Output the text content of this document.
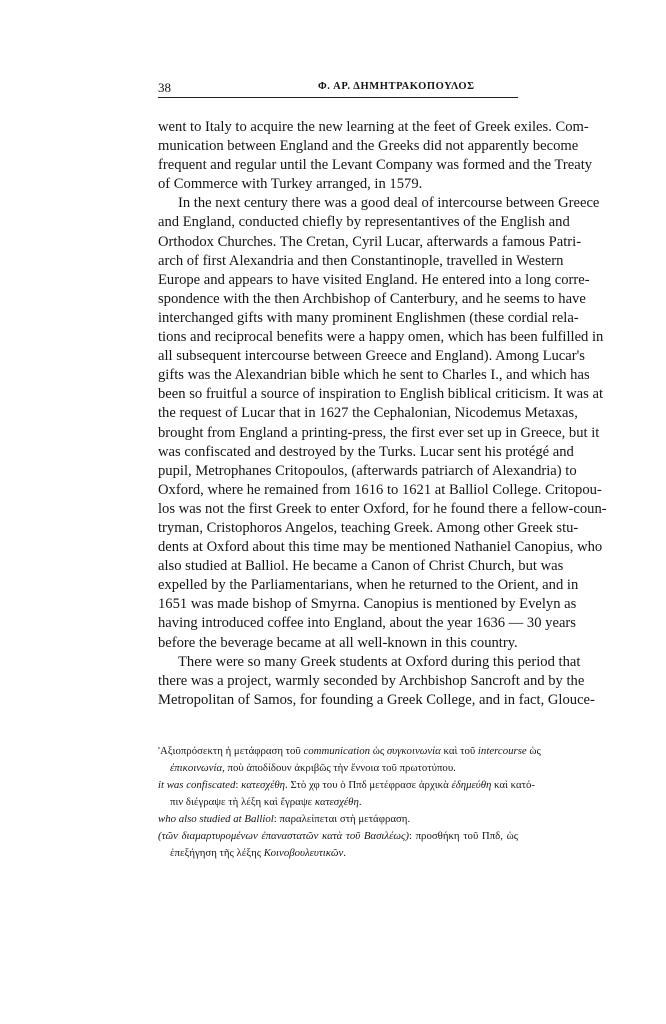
38	Φ. ΑΡ. ΔΗΜΗΤΡΑΚΟΠΟΥΛΟΣ

went to Italy to acquire the new learning at the feet of Greek exiles. Com-
munication between England and the Greeks did not apparently become
frequent and regular until the Levant Company was formed and the Treaty
of Commerce with Turkey arranged, in 1579.

In the next century there was a good deal of intercourse between Greece
and England, conducted chiefly by representantives of the English and
Orthodox Churches. The Cretan, Cyril Lucar, afterwards a famous Patri-
arch of first Alexandria and then Constantinople, travelled in Western
Europe and appears to have visited England. He entered into a long corre-
spondence with the then Archbishop of Canterbury, and he seems to have
interchanged gifts with many prominent Englishmen (these cordial rela-
tions and reciprocal benefits were a happy omen, which has been fulfilled in
all subsequent intercourse between Greece and England). Among Lucar's
gifts was the Alexandrian bible which he sent to Charles I., and which has
been so fruitful a source of inspiration to English biblical criticism. It was at
the request of Lucar that in 1627 the Cephalonian, Nicodemus Metaxas,
brought from England a printing-press, the first ever set up in Greece, but it
was confiscated and destroyed by the Turks. Lucar sent his protégé and
pupil, Metrophanes Critopoulos, (afterwards patriarch of Alexandria) to
Oxford, where he remained from 1616 to 1621 at Balliol College. Critopou-
los was not the first Greek to enter Oxford, for he found there a fellow-coun-
tryman, Cristophoros Angelos, teaching Greek. Among other Greek stu-
dents at Oxford about this time may be mentioned Nathaniel Canopius, who
also studied at Balliol. He became a Canon of Christ Church, but was
expelled by the Parliamentarians, when he returned to the Orient, and in
1651 was made bishop of Smyrna. Canopius is mentioned by Evelyn as
having introduced coffee into England, about the year 1636 — 30 years
before the beverage became at all well-known in this country.

There were so many Greek students at Oxford during this period that
there was a project, warmly seconded by Archbishop Sancroft and by the
Metropolitan of Samos, for founding a Greek College, and in fact, Glouce-

'Αξιοπρόσεκτη ἡ μετάφραση τοῦ communication ὡς συγκοινωνία καὶ τοῦ intercourse ὡς
ἐπικοινωνία, ποὺ ἀποδίδουν ἀκριβῶς τὴν ἔννοια τοῦ πρωτοτύπου.

it was confiscated: κατεσχέθη. Στὸ χφ του ὁ Ππδ μετέφρασε ἀρχικὰ ἐδημεύθη καὶ κατό-
πιν διέγραψε τὴ λέξη καὶ ἔγραψε κατεσχέθη.

who also studied at Balliol: παραλείπεται στὴ μετάφραση.

(τῶν διαμαρτυρομένων ἐπαναστατῶν κατὰ τοῦ Βασιλέως): προσθήκη τοῦ Ππδ, ὡς
ἐπεξήγηση τῆς λέξης Κοινοβουλευτικῶν.
